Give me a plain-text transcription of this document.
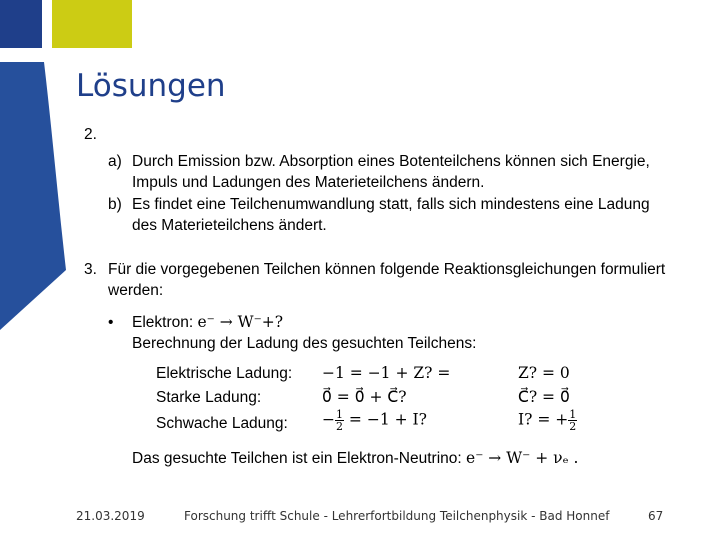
Lösungen
2.
a) Durch Emission bzw. Absorption eines Botenteilchens können sich Energie,
Impuls und Ladungen des Materieteilchens ändern.
b) Es findet eine Teilchenumwandlung statt, falls sich mindestens eine Ladung
des Materieteilchens ändert.
3. Für die vorgegebenen Teilchen können folgende Reaktionsgleichungen formuliert
werden:
• Elektron: e⁻ → W⁻+?
Berechnung der Ladung des gesuchten Teilchens:
Elektrische Ladung: −1 = −1 + Z? =	Z? = 0
Starke Ladung:	0⃗ = 0⃗ + C⃗?	C⃗? = 0⃗
Schwache Ladung: − $\frac{1}{2} = -1 + I$?	I? = + $\frac{1}{2}$
Das gesuchte Teilchen ist ein Elektron-Neutrino: e⁻ → W⁻ + νₑ .
21.03.2019	Forschung trifft Schule - Lehrerfortbildung Teilchenphysik - Bad Honnef	67
